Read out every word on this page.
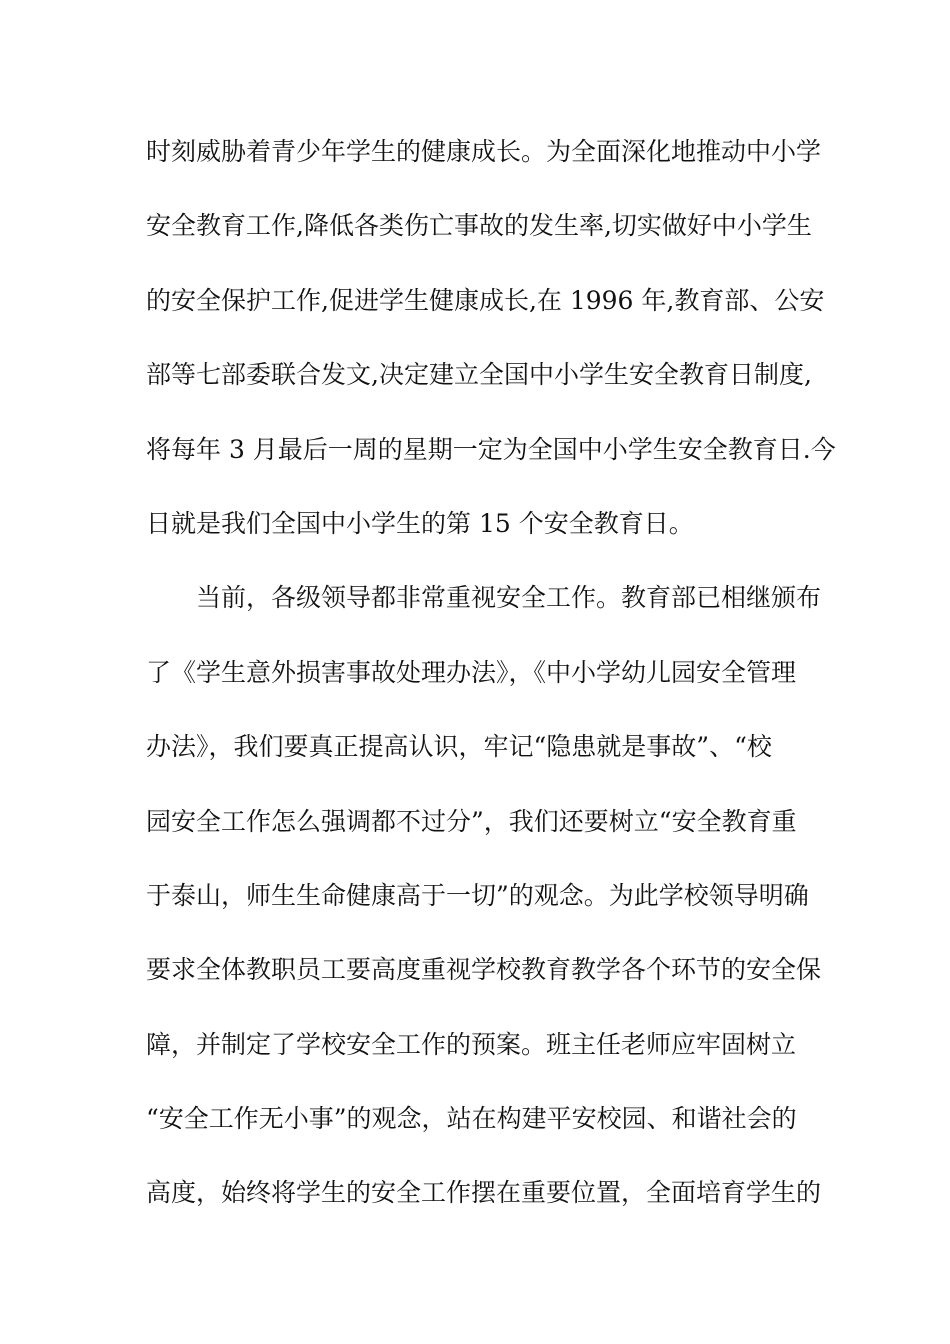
时刻威胁着青少年学生的健康成长。为全面深化地推动中小学
安全教育工作,降低各类伤亡事故的发生率,切实做好中小学生
的安全保护工作,促进学生健康成长,在 1996 年,教育部、公安
部等七部委联合发文,决定建立全国中小学生安全教育日制度,
将每年 3 月最后一周的星期一定为全国中小学生安全教育日.今
日就是我们全国中小学生的第 15 个安全教育日。
当前，各级领导都非常重视安全工作。教育部已相继颁布
了《学生意外损害事故处理办法》，《中小学幼儿园安全管理
办法》，我们要真正提高认识，牢记“隐患就是事故”、“校
园安全工作怎么强调都不过分”，我们还要树立“安全教育重
于泰山，师生生命健康高于一切”的观念。为此学校领导明确
要求全体教职员工要高度重视学校教育教学各个环节的安全保
障，并制定了学校安全工作的预案。班主任老师应牢固树立
“安全工作无小事”的观念，站在构建平安校园、和谐社会的
高度，始终将学生的安全工作摆在重要位置，全面培育学生的
